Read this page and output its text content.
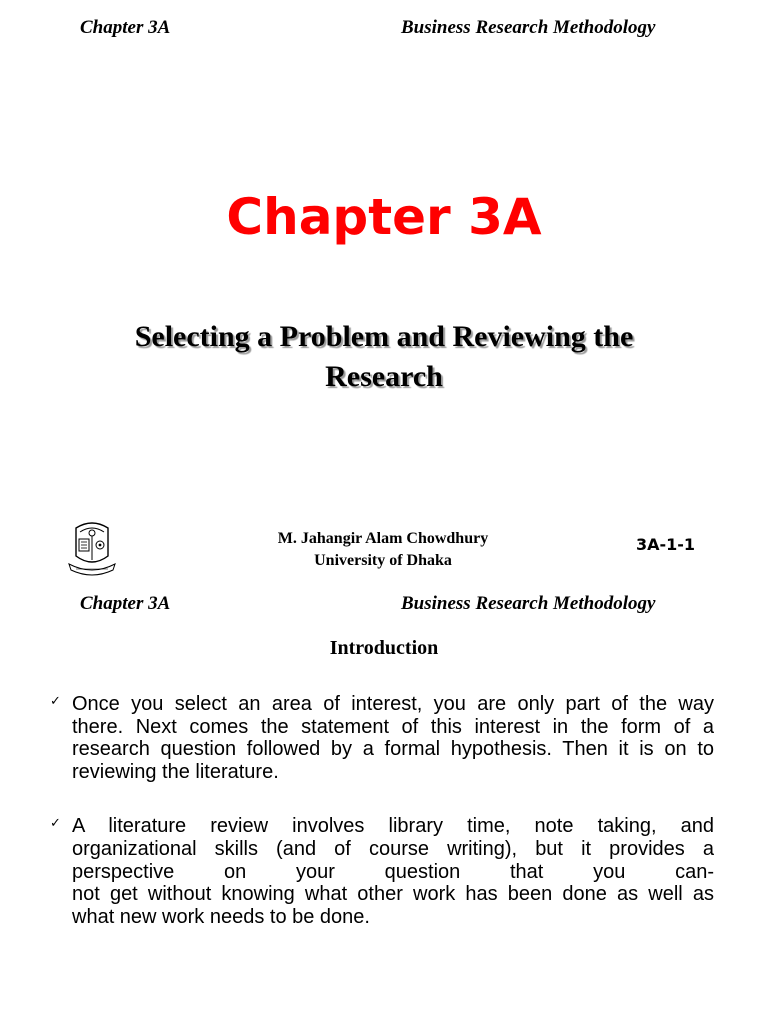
Chapter 3A	Business Research Methodology
Chapter 3A
Selecting a Problem and Reviewing the
Research
M. Jahangir Alam Chowdhury
University of Dhaka
3A-1-1
Chapter 3A	Business Research Methodology
Introduction
✓ Once you select an area of interest, you are only part of the way
there. Next comes the statement of this interest in the form of a
research question followed by a formal hypothesis. Then it is on to
reviewing the literature.
✓ A literature review involves library time, note taking, and
organizational skills (and of course writing), but it provides a
perspective on your question that you can-
not get without knowing what other work has been done as well as
what new work needs to be done.
